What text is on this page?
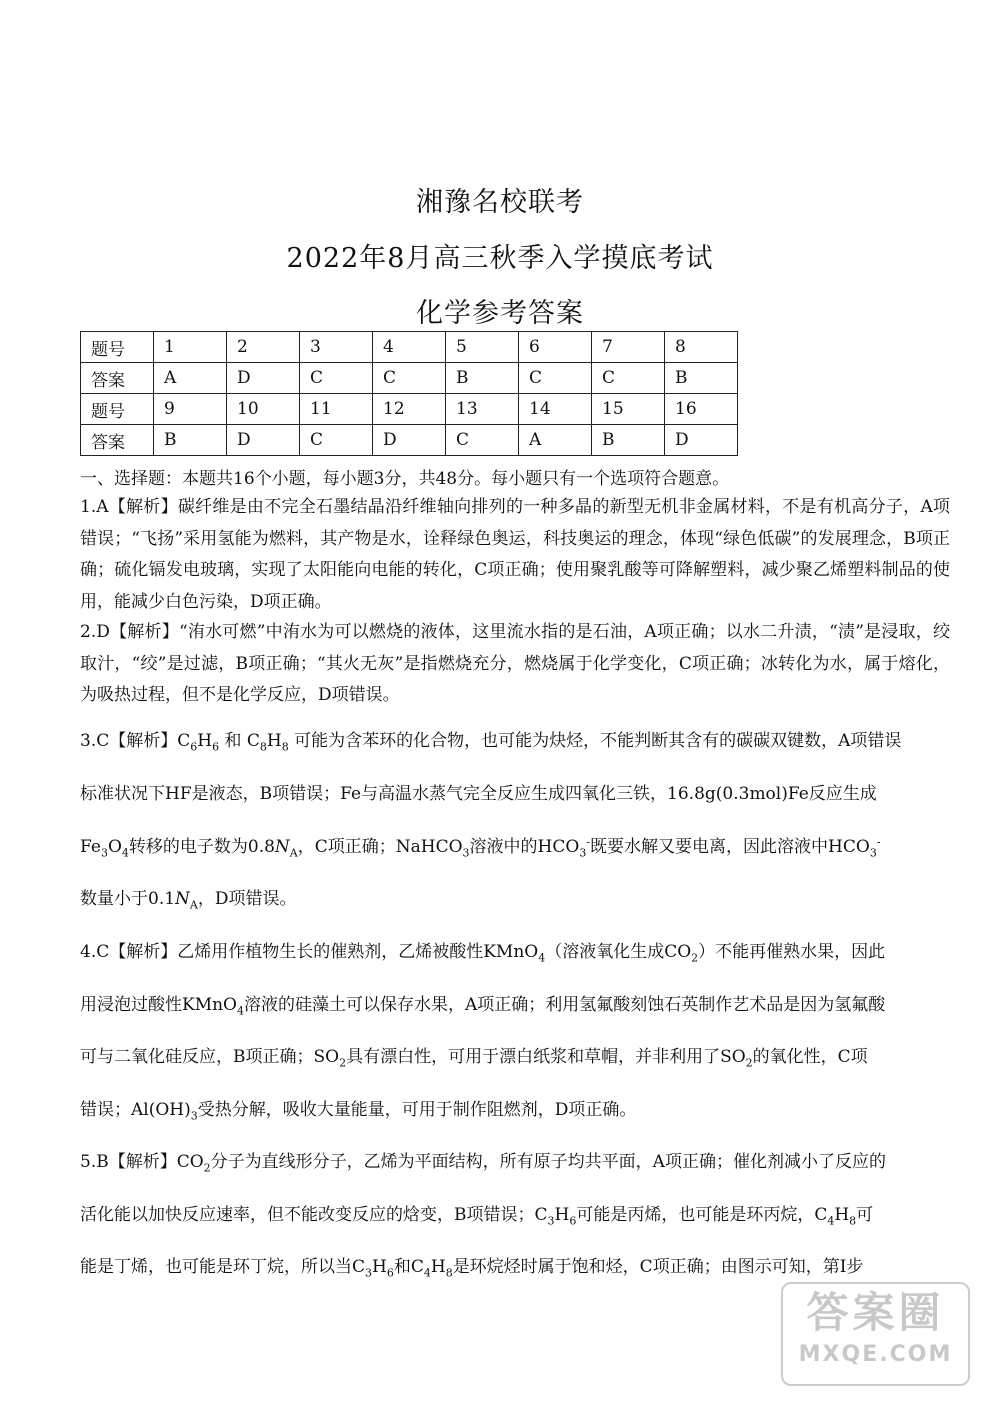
湘豫名校联考
2022年8月高三秋季入学摸底考试
化学参考答案
题号	1	2	3	4	5	6	7	8
答案	A	D	C	C	B	C	C	B
题号	9	10	11	12	13	14	15	16
答案	B	D	C	D	C	A	B	D
一、选择题：本题共16个小题，每小题3分，共48分。每小题只有一个选项符合题意。
1.A【解析】碳纤维是由不完全石墨结晶沿纤维轴向排列的一种多晶的新型无机非金属材料，不是有机高分子，A项错误；“飞扬”采用氢能为燃料，其产物是水，诠释绿色奥运，科技奥运的理念，体现“绿色低碳”的发展理念，B项正确；硫化镉发电玻璃，实现了太阳能向电能的转化，C项正确；使用聚乳酸等可降解塑料，减少聚乙烯塑料制品的使用，能减少白色污染，D项正确。
2.D【解析】“洧水可燃”中洧水为可以燃烧的液体，这里流水指的是石油，A项正确；以水二升渍，“渍”是浸取，绞取汁，“绞”是过滤，B项正确；“其火无灰”是指燃烧充分，燃烧属于化学变化，C项正确；冰转化为水，属于熔化，为吸热过程，但不是化学反应，D项错误。
3.C【解析】$C_6H_6$ 和 $C_8H_8$ 可能为含苯环的化合物，也可能为炔烃，不能判断其含有的碳碳双键数，A项错误
标准状况下HF是液态，B项错误；Fe与高温水蒸气完全反应生成四氧化三铁，16.8g(0.3mol)Fe反应生成
$Fe_3O_4$转移的电子数为$0.8N_A$，C项正确；NaHCO$_3$溶液中的$HCO_3^-$既要水解又要电离，因此溶液中$HCO_3^-$
数量小于$0.1N_A$，D项错误。
4.C【解析】乙烯用作植物生长的催熟剂，乙烯被酸性KMnO$_4$（溶液氧化生成$CO_2$）不能再催熟水果，因此
用浸泡过酸性KMnO$_4$溶液的硅藻土可以保存水果，A项正确；利用氢氟酸刻蚀石英制作艺术品是因为氢氟酸
可与二氧化硅反应，B项正确；$SO_2$具有漂白性，可用于漂白纸浆和草帽，并非利用了$SO_2$的氧化性，C项
错误；$Al(OH)_3$受热分解，吸收大量能量，可用于制作阻燃剂，D项正确。
5.B【解析】$CO_2$分子为直线形分子，乙烯为平面结构，所有原子均共平面，A项正确；催化剂减小了反应的
活化能以加快反应速率，但不能改变反应的焓变，B项错误；$C_3H_6$可能是丙烯，也可能是环丙烷，$C_4H_8$可
能是丁烯，也可能是环丁烷，所以当$C_3H_6$和$C_4H_8$是环烷烃时属于饱和烃，C项正确；由图示可知，第Ⅰ步
答案圈
MXQE.COM
